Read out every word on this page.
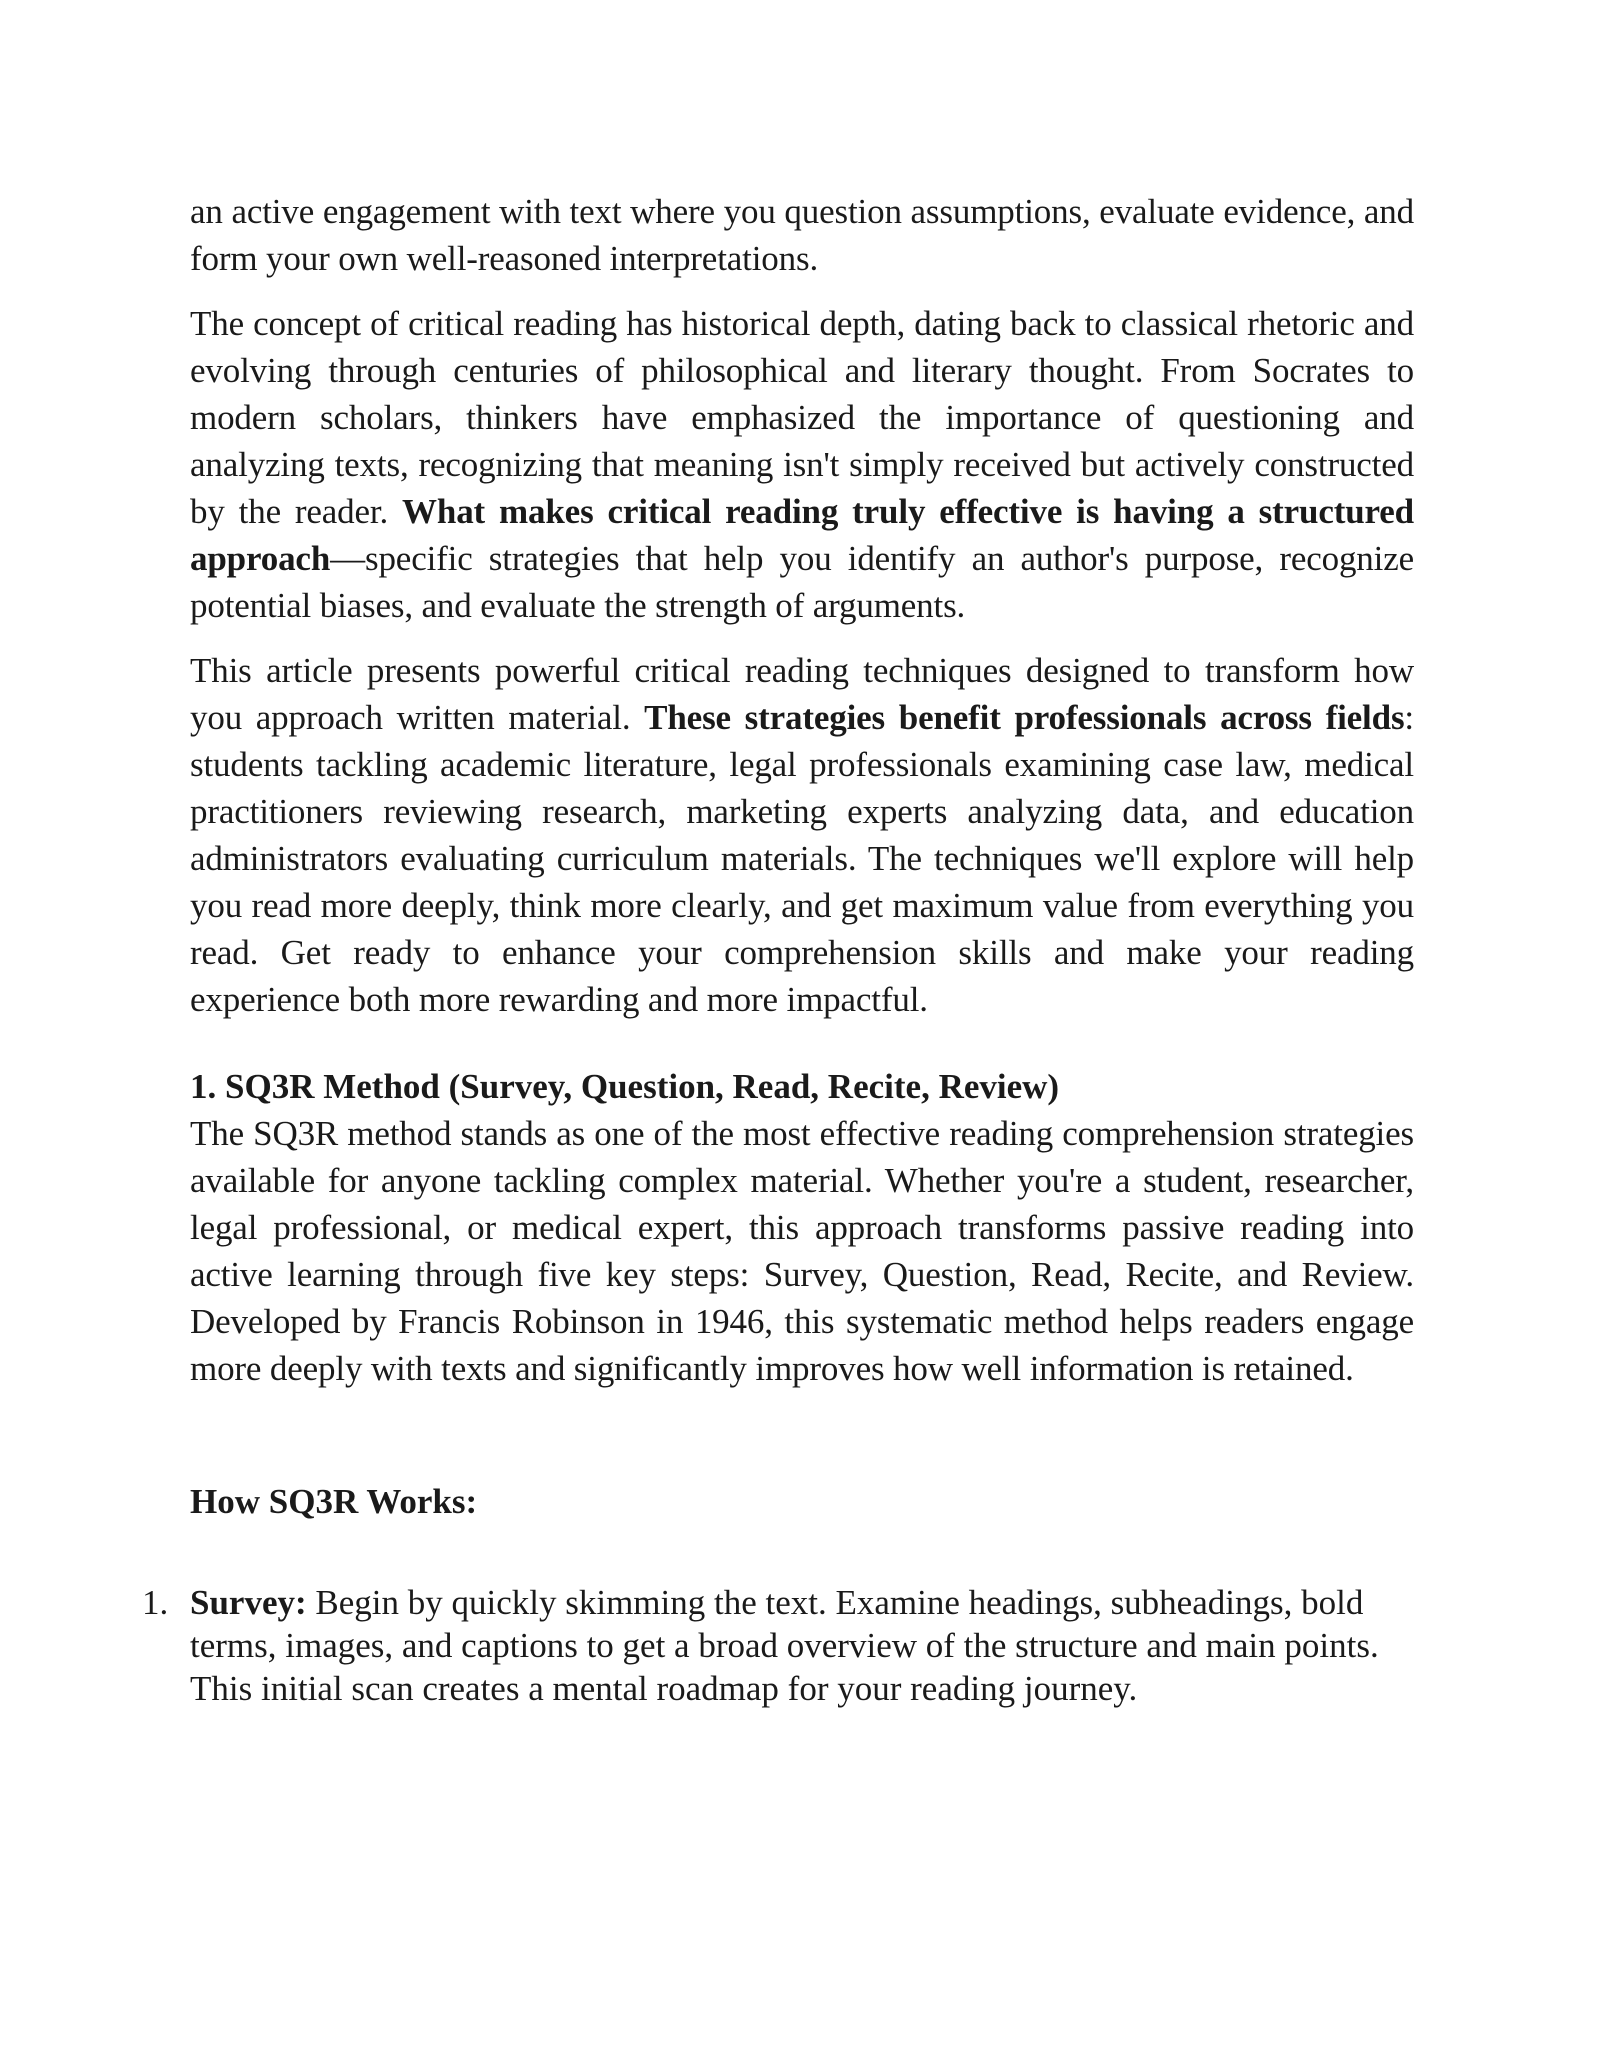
an active engagement with text where you question assumptions, evaluate evidence, and form your own well-reasoned interpretations.

The concept of critical reading has historical depth, dating back to classical rhetoric and evolving through centuries of philosophical and literary thought. From Socrates to modern scholars, thinkers have emphasized the importance of questioning and analyzing texts, recognizing that meaning isn't simply received but actively constructed by the reader. What makes critical reading truly effective is having a structured approach—specific strategies that help you identify an author's purpose, recognize potential biases, and evaluate the strength of arguments.

This article presents powerful critical reading techniques designed to transform how you approach written material. These strategies benefit professionals across fields: students tackling academic literature, legal professionals examining case law, medical practitioners reviewing research, marketing experts analyzing data, and education administrators evaluating curriculum materials. The techniques we'll explore will help you read more deeply, think more clearly, and get maximum value from everything you read. Get ready to enhance your comprehension skills and make your reading experience both more rewarding and more impactful.

1. SQ3R Method (Survey, Question, Read, Recite, Review)

The SQ3R method stands as one of the most effective reading comprehension strategies available for anyone tackling complex material. Whether you're a student, researcher, legal professional, or medical expert, this approach transforms passive reading into active learning through five key steps: Survey, Question, Read, Recite, and Review. Developed by Francis Robinson in 1946, this systematic method helps readers engage more deeply with texts and significantly improves how well information is retained.

How SQ3R Works:
1. Survey: Begin by quickly skimming the text. Examine headings, subheadings, bold terms, images, and captions to get a broad overview of the structure and main points. This initial scan creates a mental roadmap for your reading journey.
